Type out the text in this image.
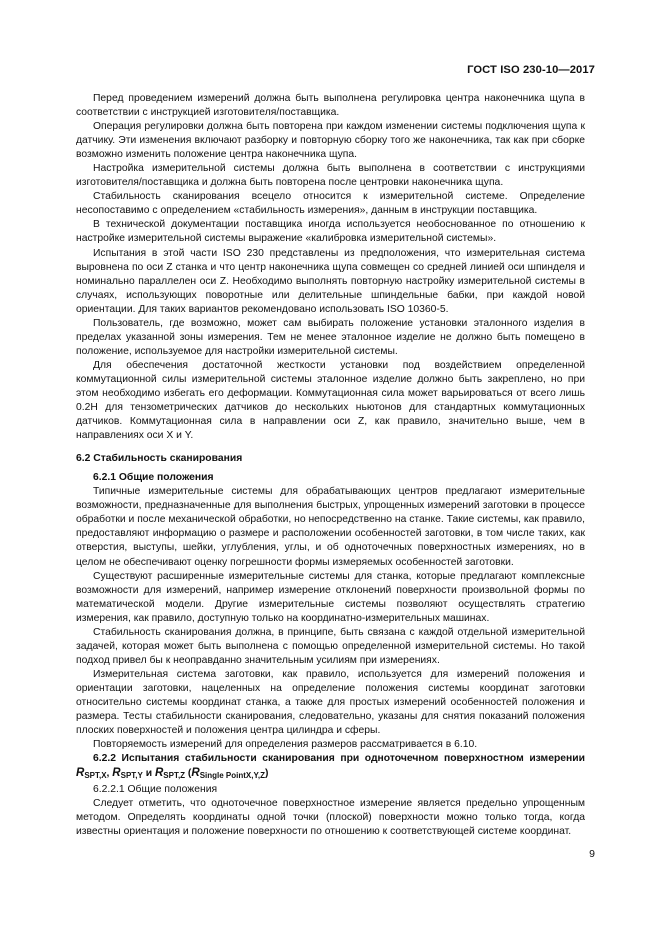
ГОСТ ISO 230-10—2017

Перед проведением измерений должна быть выполнена регулировка центра наконечника щупа в соответствии с инструкцией изготовителя/поставщика.

Операция регулировки должна быть повторена при каждом изменении системы подключения щупа к датчику. Эти изменения включают разборку и повторную сборку того же наконечника, так как при сборке возможно изменить положение центра наконечника щупа.

Настройка измерительной системы должна быть выполнена в соответствии с инструкциями изготовителя/поставщика и должна быть повторена после центровки наконечника щупа.

Стабильность сканирования всецело относится к измерительной системе. Определение несопоставимо с определением «стабильность измерения», данным в инструкции поставщика.

В технической документации поставщика иногда используется необоснованное по отношению к настройке измерительной системы выражение «калибровка измерительной системы».

Испытания в этой части ISO 230 представлены из предположения, что измерительная система выровнена по оси Z станка и что центр наконечника щупа совмещен со средней линией оси шпинделя и номинально параллелен оси Z. Необходимо выполнять повторную настройку измерительной системы в случаях, использующих поворотные или делительные шпиндельные бабки, при каждой новой ориентации. Для таких вариантов рекомендовано использовать ISO 10360-5.

Пользователь, где возможно, может сам выбирать положение установки эталонного изделия в пределах указанной зоны измерения. Тем не менее эталонное изделие не должно быть помещено в положение, используемое для настройки измерительной системы.

Для обеспечения достаточной жесткости установки под воздействием определенной коммутационной силы измерительной системы эталонное изделие должно быть закреплено, но при этом необходимо избегать его деформации. Коммутационная сила может варьироваться от всего лишь 0.2Н для тензометрических датчиков до нескольких ньютонов для стандартных коммутационных датчиков. Коммутационная сила в направлении оси Z, как правило, значительно выше, чем в направлениях оси X и Y.

6.2 Стабильность сканирования

6.2.1 Общие положения

Типичные измерительные системы для обрабатывающих центров предлагают измерительные возможности, предназначенные для выполнения быстрых, упрощенных измерений заготовки в процессе обработки и после механической обработки, но непосредственно на станке. Такие системы, как правило, предоставляют информацию о размере и расположении особенностей заготовки, в том числе таких, как отверстия, выступы, шейки, углубления, углы, и об одноточечных поверхностных измерениях, но в целом не обеспечивают оценку погрешности формы измеряемых особенностей заготовки.

Существуют расширенные измерительные системы для станка, которые предлагают комплексные возможности для измерений, например измерение отклонений поверхности произвольной формы по математической модели. Другие измерительные системы позволяют осуществлять стратегию измерения, как правило, доступную только на координатно-измерительных машинах.

Стабильность сканирования должна, в принципе, быть связана с каждой отдельной измерительной задачей, которая может быть выполнена с помощью определенной измерительной системы. Но такой подход привел бы к неоправданно значительным усилиям при измерениях.

Измерительная система заготовки, как правило, используется для измерений положения и ориентации заготовки, нацеленных на определение положения системы координат заготовки относительно системы координат станка, а также для простых измерений особенностей положения и размера. Тесты стабильности сканирования, следовательно, указаны для снятия показаний положения плоских поверхностей и положения центра цилиндра и сферы.

Повторяемость измерений для определения размеров рассматривается в 6.10.

6.2.2 Испытания стабильности сканирования при одноточечном поверхностном измерении $R_{SPT,X}$, $R_{SPT,Y}$ и $R_{SPT,Z}$ $(R_{Single PointX,Y,Z})$

6.2.2.1 Общие положения

Следует отметить, что одноточечное поверхностное измерение является предельно упрощенным методом. Определять координаты одной точки (плоской) поверхности можно только тогда, когда известны ориентация и положение поверхности по отношению к соответствующей системе координат.

9
